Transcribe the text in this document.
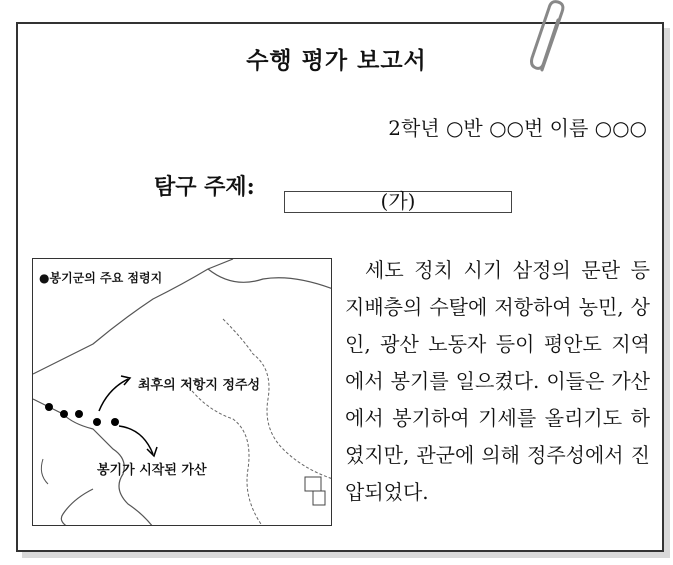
수행 평가 보고서
2학년 ○반 ○○번 이름 ○○○
탐구 주제:
(가)
●봉기군의 주요 점령지
최후의 저항지 정주성
봉기가 시작된 가산

세도 정치 시기 삼정의 문란 등 지배층의 수탈에 저항하여 농민, 상인, 광산 노동자 등이 평안도 지역에서 봉기를 일으켰다. 이들은 가산에서 봉기하여 기세를 올리기도 하였지만, 관군에 의해 정주성에서 진압되었다.
